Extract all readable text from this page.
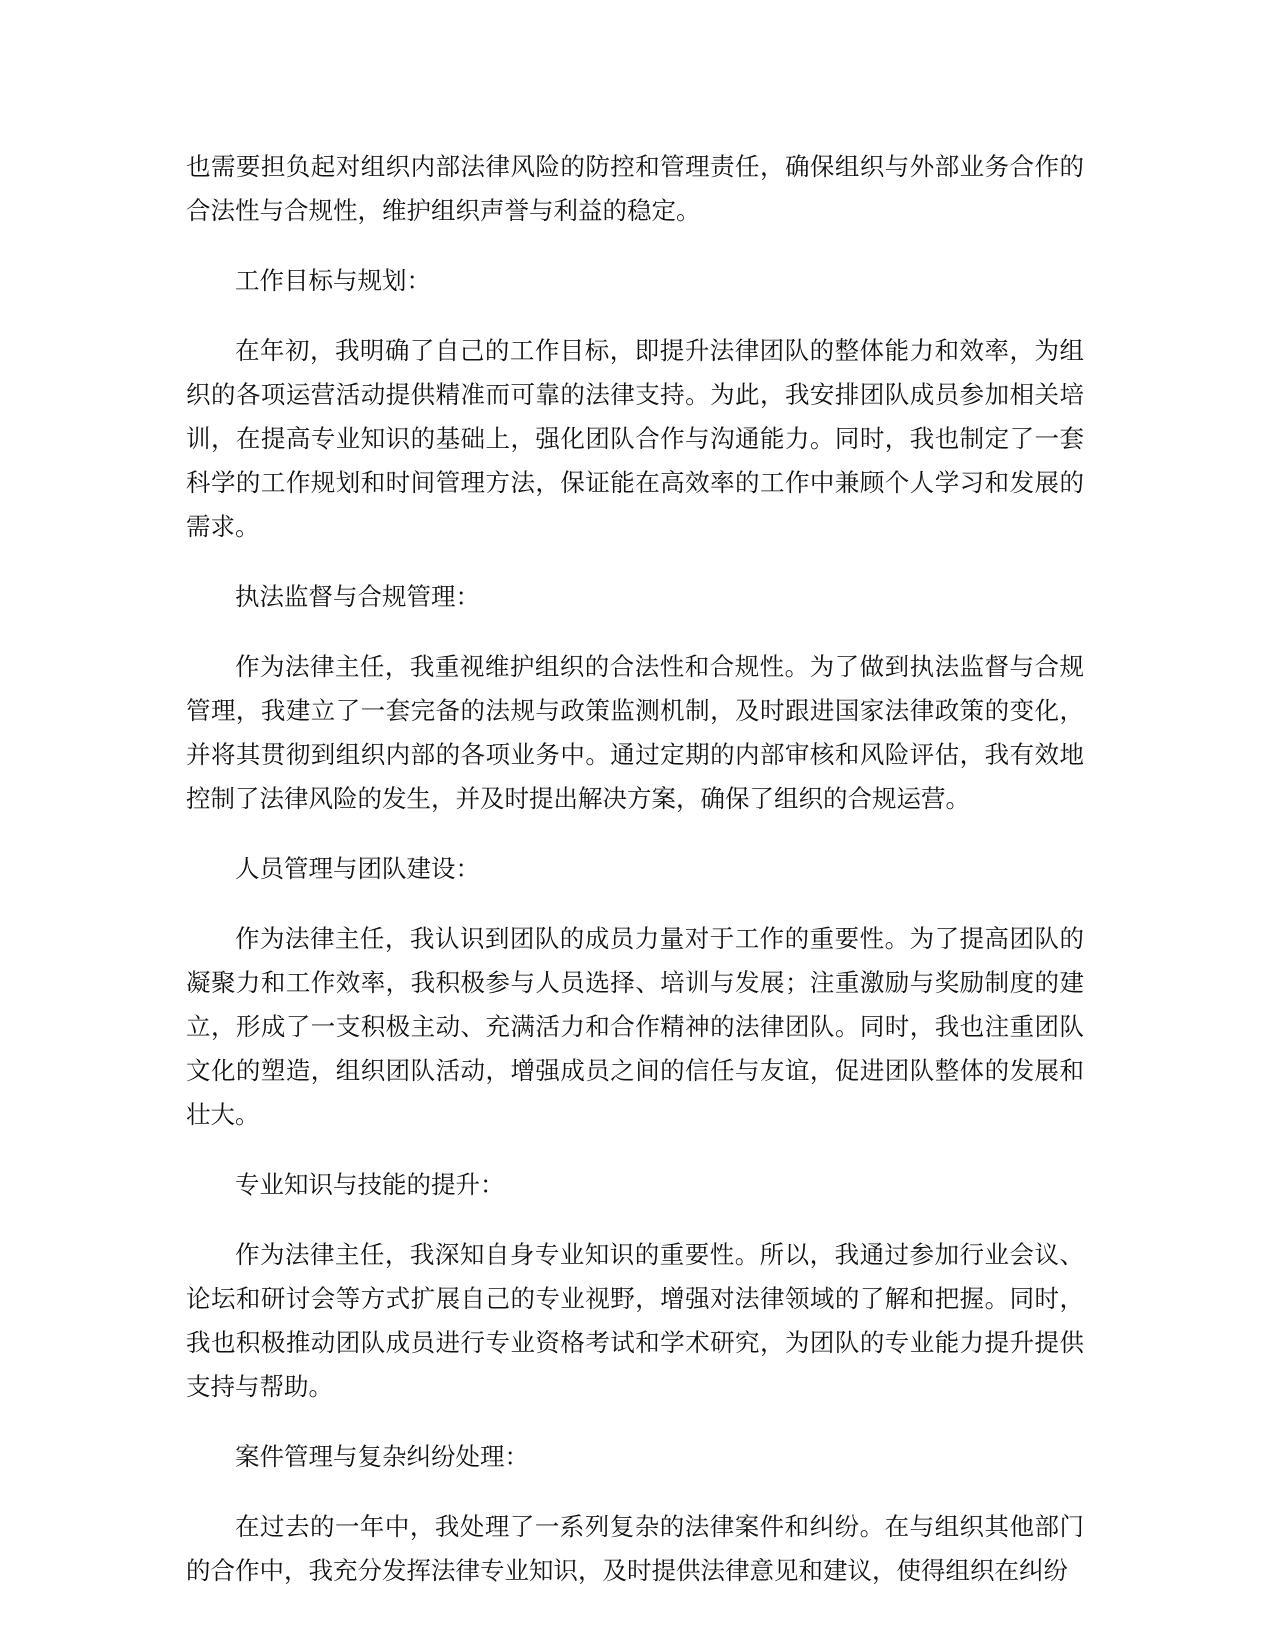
也需要担负起对组织内部法律风险的防控和管理责任，确保组织与外部业务合作的合法性与合规性，维护组织声誉与利益的稳定。

工作目标与规划：

在年初，我明确了自己的工作目标，即提升法律团队的整体能力和效率，为组织的各项运营活动提供精准而可靠的法律支持。为此，我安排团队成员参加相关培训，在提高专业知识的基础上，强化团队合作与沟通能力。同时，我也制定了一套科学的工作规划和时间管理方法，保证能在高效率的工作中兼顾个人学习和发展的需求。

执法监督与合规管理：

作为法律主任，我重视维护组织的合法性和合规性。为了做到执法监督与合规管理，我建立了一套完备的法规与政策监测机制，及时跟进国家法律政策的变化，并将其贯彻到组织内部的各项业务中。通过定期的内部审核和风险评估，我有效地控制了法律风险的发生，并及时提出解决方案，确保了组织的合规运营。

人员管理与团队建设：

作为法律主任，我认识到团队的成员力量对于工作的重要性。为了提高团队的凝聚力和工作效率，我积极参与人员选择、培训与发展；注重激励与奖励制度的建立，形成了一支积极主动、充满活力和合作精神的法律团队。同时，我也注重团队文化的塑造，组织团队活动，增强成员之间的信任与友谊，促进团队整体的发展和壮大。

专业知识与技能的提升：

作为法律主任，我深知自身专业知识的重要性。所以，我通过参加行业会议、论坛和研讨会等方式扩展自己的专业视野，增强对法律领域的了解和把握。同时，我也积极推动团队成员进行专业资格考试和学术研究，为团队的专业能力提升提供支持与帮助。

案件管理与复杂纠纷处理：

在过去的一年中，我处理了一系列复杂的法律案件和纠纷。在与组织其他部门的合作中，我充分发挥法律专业知识，及时提供法律意见和建议，使得组织在纠纷
